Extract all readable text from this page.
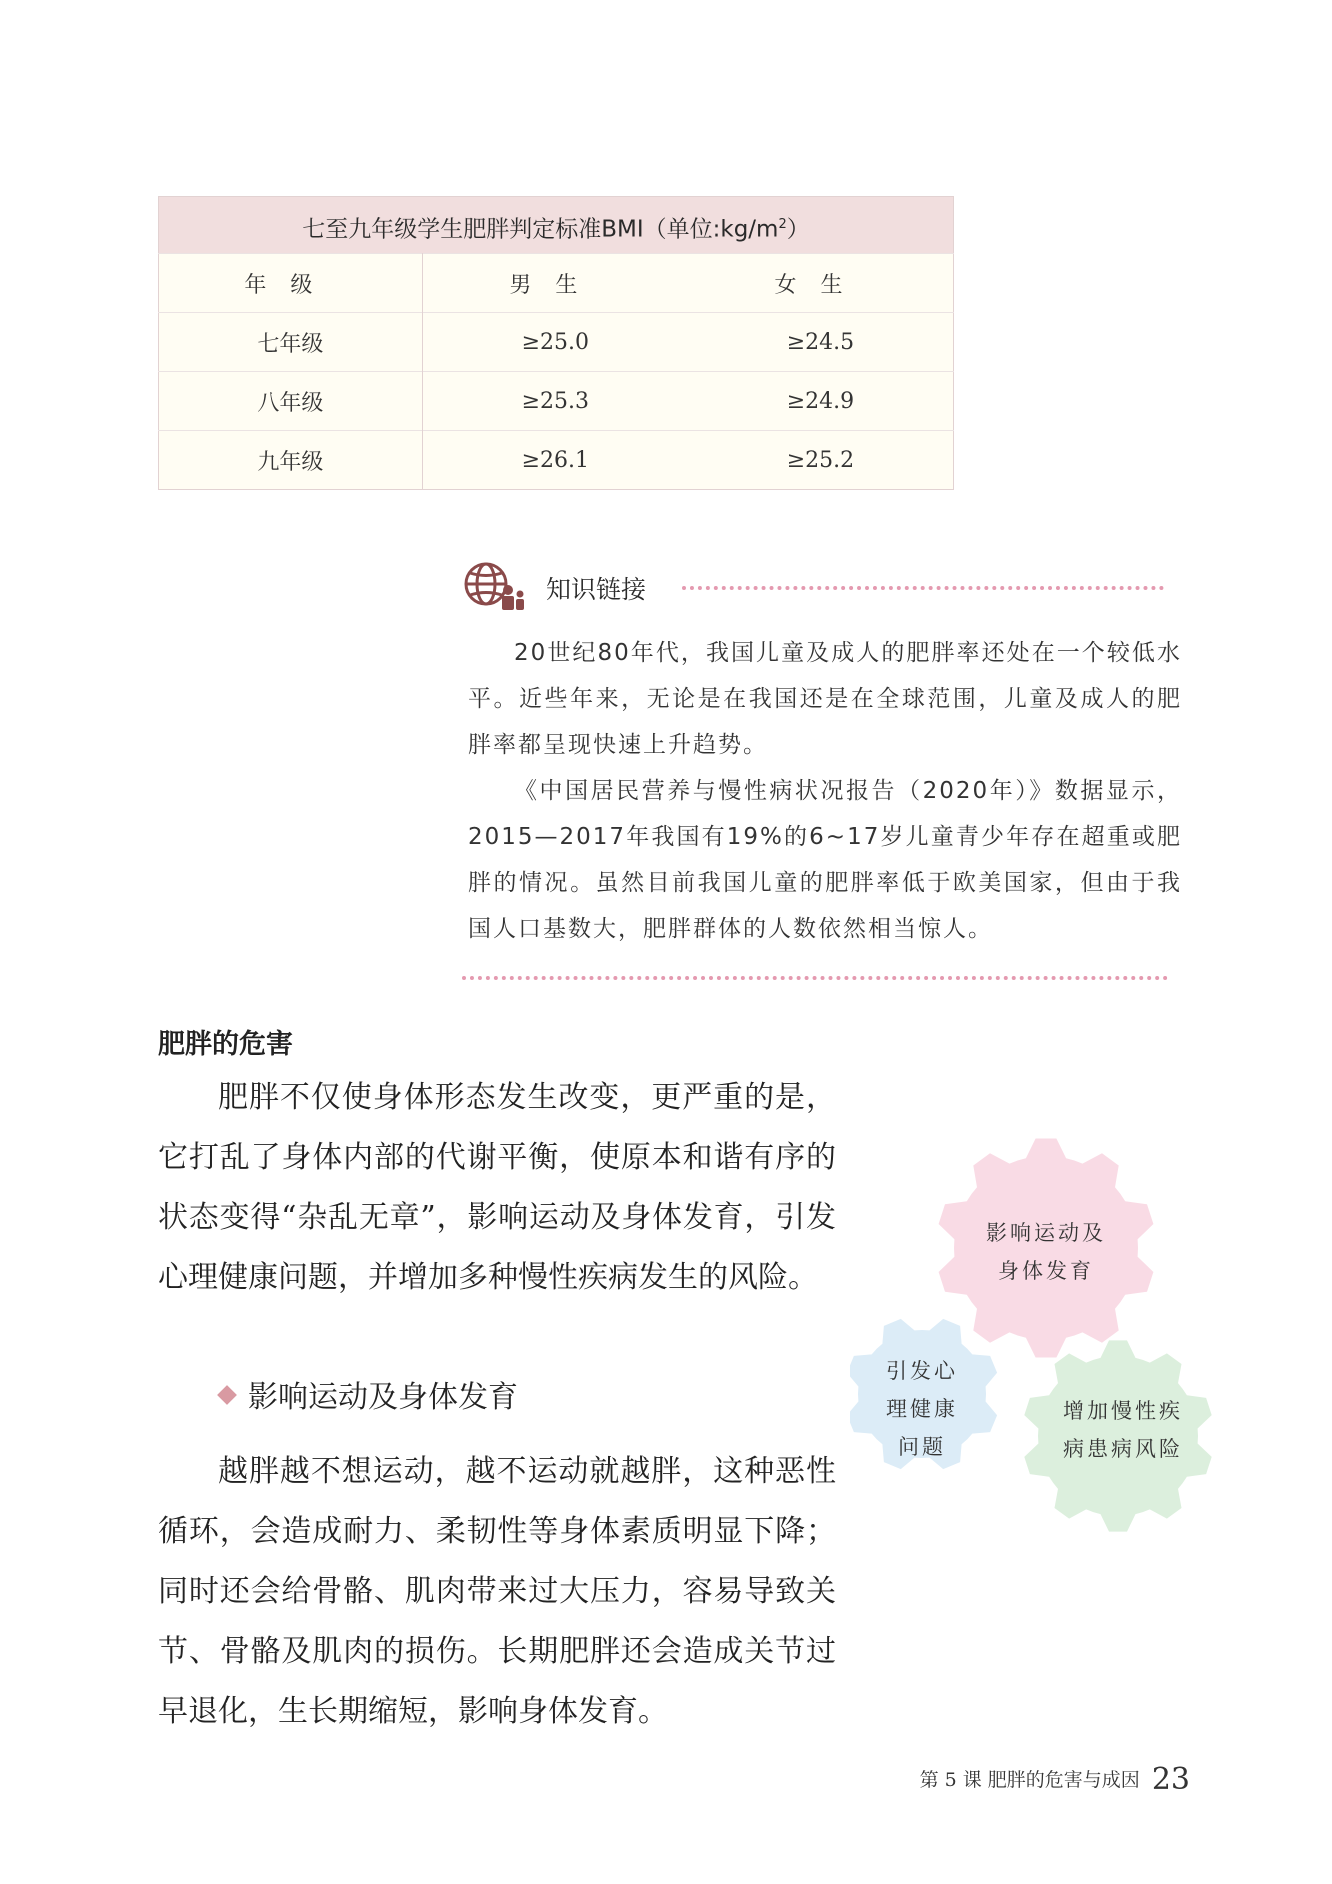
七至九年级学生肥胖判定标准BMI（单位$:kg/m^2$）
年级	男生	女生
七年级	≥25.0	≥24.5
八年级	≥25.3	≥24.9
九年级	≥26.1	≥25.2
知识链接

20世纪80年代，我国儿童及成人的肥胖率还处在一个较低水平。近些年来，无论是在我国还是在全球范围，儿童及成人的肥胖率都呈现快速上升趋势。

《中国居民营养与慢性病状况报告（2020年）》数据显示，2015—2017年我国有19%的6~17岁儿童青少年存在超重或肥胖的情况。虽然目前我国儿童的肥胖率低于欧美国家，但由于我国人口基数大，肥胖群体的人数依然相当惊人。

肥胖的危害

肥胖不仅使身体形态发生改变，更严重的是，它打乱了身体内部的代谢平衡，使原本和谐有序的状态变得“杂乱无章”，影响运动及身体发育，引发心理健康问题，并增加多种慢性疾病发生的风险。

影响运动及身体发育

越胖越不想运动，越不运动就越胖，这种恶性循环，会造成耐力、柔韧性等身体素质明显下降；同时还会给骨骼、肌肉带来过大压力，容易导致关节、骨骼及肌肉的损伤。长期肥胖还会造成关节过早退化，生长期缩短，影响身体发育。

影响运动及
身体发育
引发心
理健康
问题
增加慢性疾
病患病风险
第 5 课 肥胖的危害与成因 23
